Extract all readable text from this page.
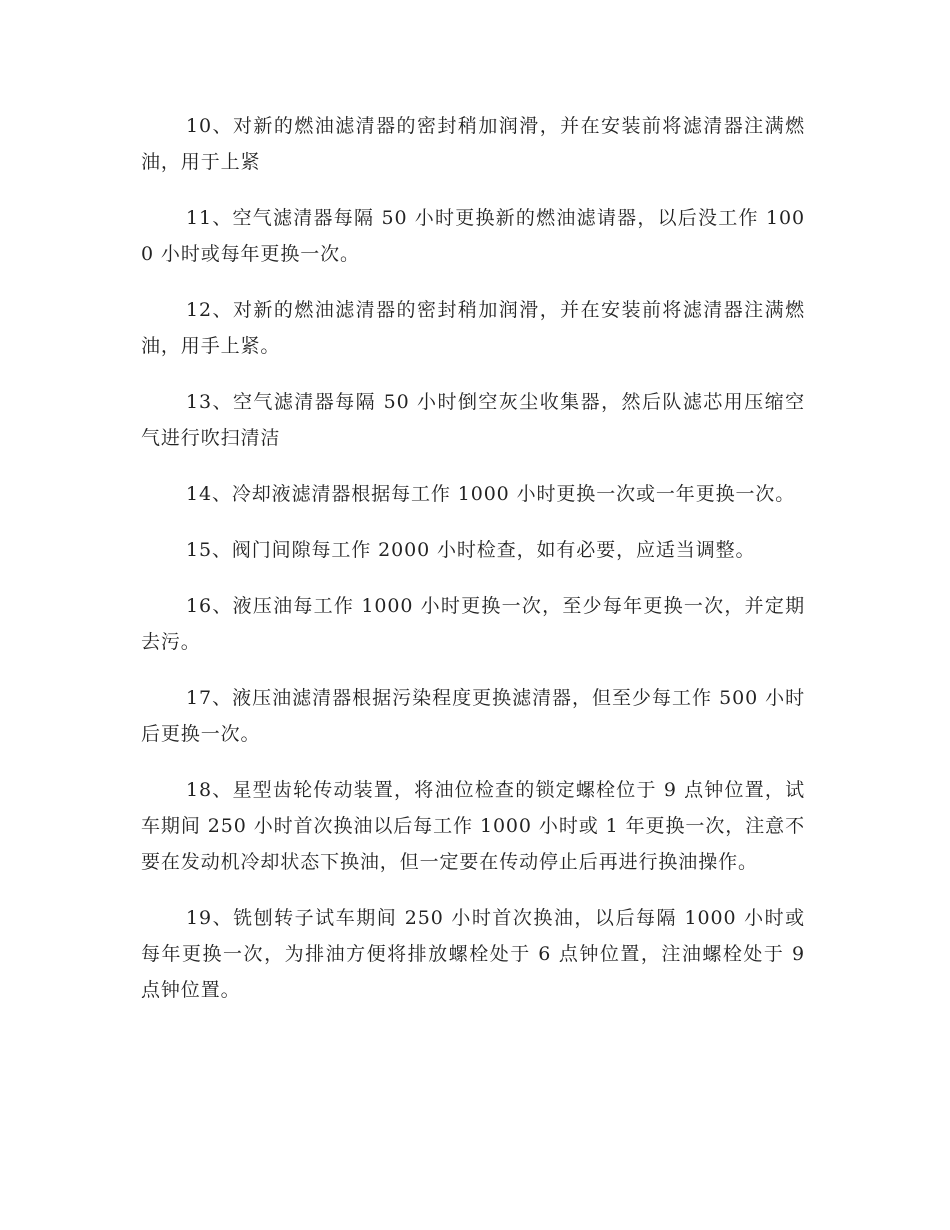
10、对新的燃油滤清器的密封稍加润滑，并在安装前将滤清器注满燃油，用于上紧

11、空气滤清器每隔 50 小时更换新的燃油滤请器，以后没工作 1000 小时或每年更换一次。

12、对新的燃油滤清器的密封稍加润滑，并在安装前将滤清器注满燃油，用手上紧。

13、空气滤清器每隔 50 小时倒空灰尘收集器，然后队滤芯用压缩空气进行吹扫清洁

14、冷却液滤清器根据每工作 1000 小时更换一次或一年更换一次。

15、阀门间隙每工作 2000 小时检查，如有必要，应适当调整。

16、液压油每工作 1000 小时更换一次，至少每年更换一次，并定期去污。

17、液压油滤清器根据污染程度更换滤清器，但至少每工作 500 小时后更换一次。

18、星型齿轮传动装置，将油位检查的锁定螺栓位于 9 点钟位置，试车期间 250 小时首次换油以后每工作 1000 小时或 1 年更换一次，注意不要在发动机冷却状态下换油，但一定要在传动停止后再进行换油操作。

19、铣刨转子试车期间 250 小时首次换油，以后每隔 1000 小时或每年更换一次，为排油方便将排放螺栓处于 6 点钟位置，注油螺栓处于 9 点钟位置。
